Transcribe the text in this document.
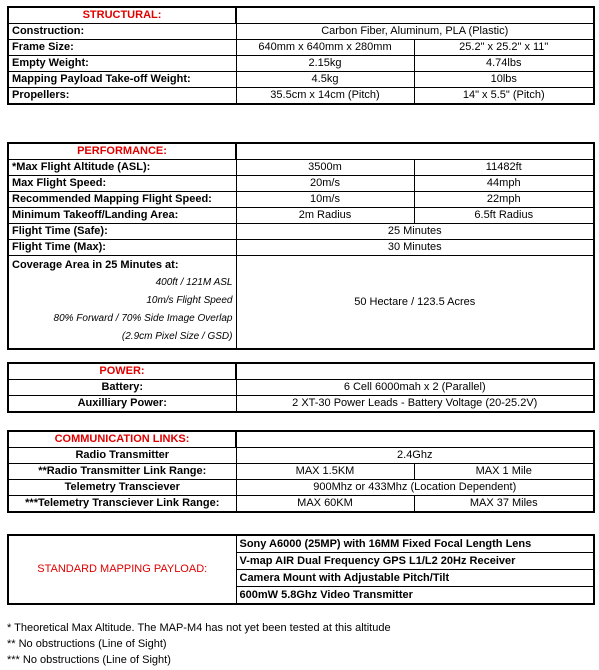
STRUCTURAL:		
Construction:	Carbon Fiber, Aluminum, PLA (Plastic)	
Frame Size:	640mm x 640mm x 280mm	25.2" x 25.2" x 11"
Empty Weight:	2.15kg	4.74lbs
Mapping Payload Take-off Weight:	4.5kg	10lbs
Propellers:	35.5cm x 14cm (Pitch)	14" x 5.5" (Pitch)
PERFORMANCE:		
*Max Flight Altitude (ASL):	3500m	11482ft
Max Flight Speed:	20m/s	44mph
Recommended Mapping Flight Speed:	10m/s	22mph
Minimum Takeoff/Landing Area:	2m Radius	6.5ft Radius
Flight Time (Safe):	25 Minutes	
Flight Time (Max):	30 Minutes	

Coverage Area in 25 Minutes at:
400ft / 121M ASL
10m/s Flight Speed
80% Forward / 70% Side Image Overlap
(2.9cm Pixel Size / GSD)	50 Hectare / 123.5 Acres	
POWER:	
Battery:	6 Cell 6000mah x 2 (Parallel)
Auxilliary Power:	2 XT-30 Power Leads - Battery Voltage (20-25.2V)
COMMUNICATION LINKS:		
Radio Transmitter	2.4Ghz	
**Radio Transmitter Link Range:	MAX 1.5KM	MAX 1 Mile
Telemetry Transciever	900Mhz or 433Mhz (Location Dependent)	
***Telemetry Transciever Link Range:	MAX 60KM	MAX 37 Miles
STANDARD MAPPING PAYLOAD:	Sony A6000 (25MP) with 16MM Fixed Focal Length Lens
V-map AIR Dual Frequency GPS L1/L2 20Hz Receiver
Camera Mount with Adjustable Pitch/Tilt
600mW 5.8Ghz Video Transmitter
* Theoretical Max Altitude. The MAP-M4 has not yet been tested at this altitude
** No obstructions (Line of Sight)
*** No obstructions (Line of Sight)
